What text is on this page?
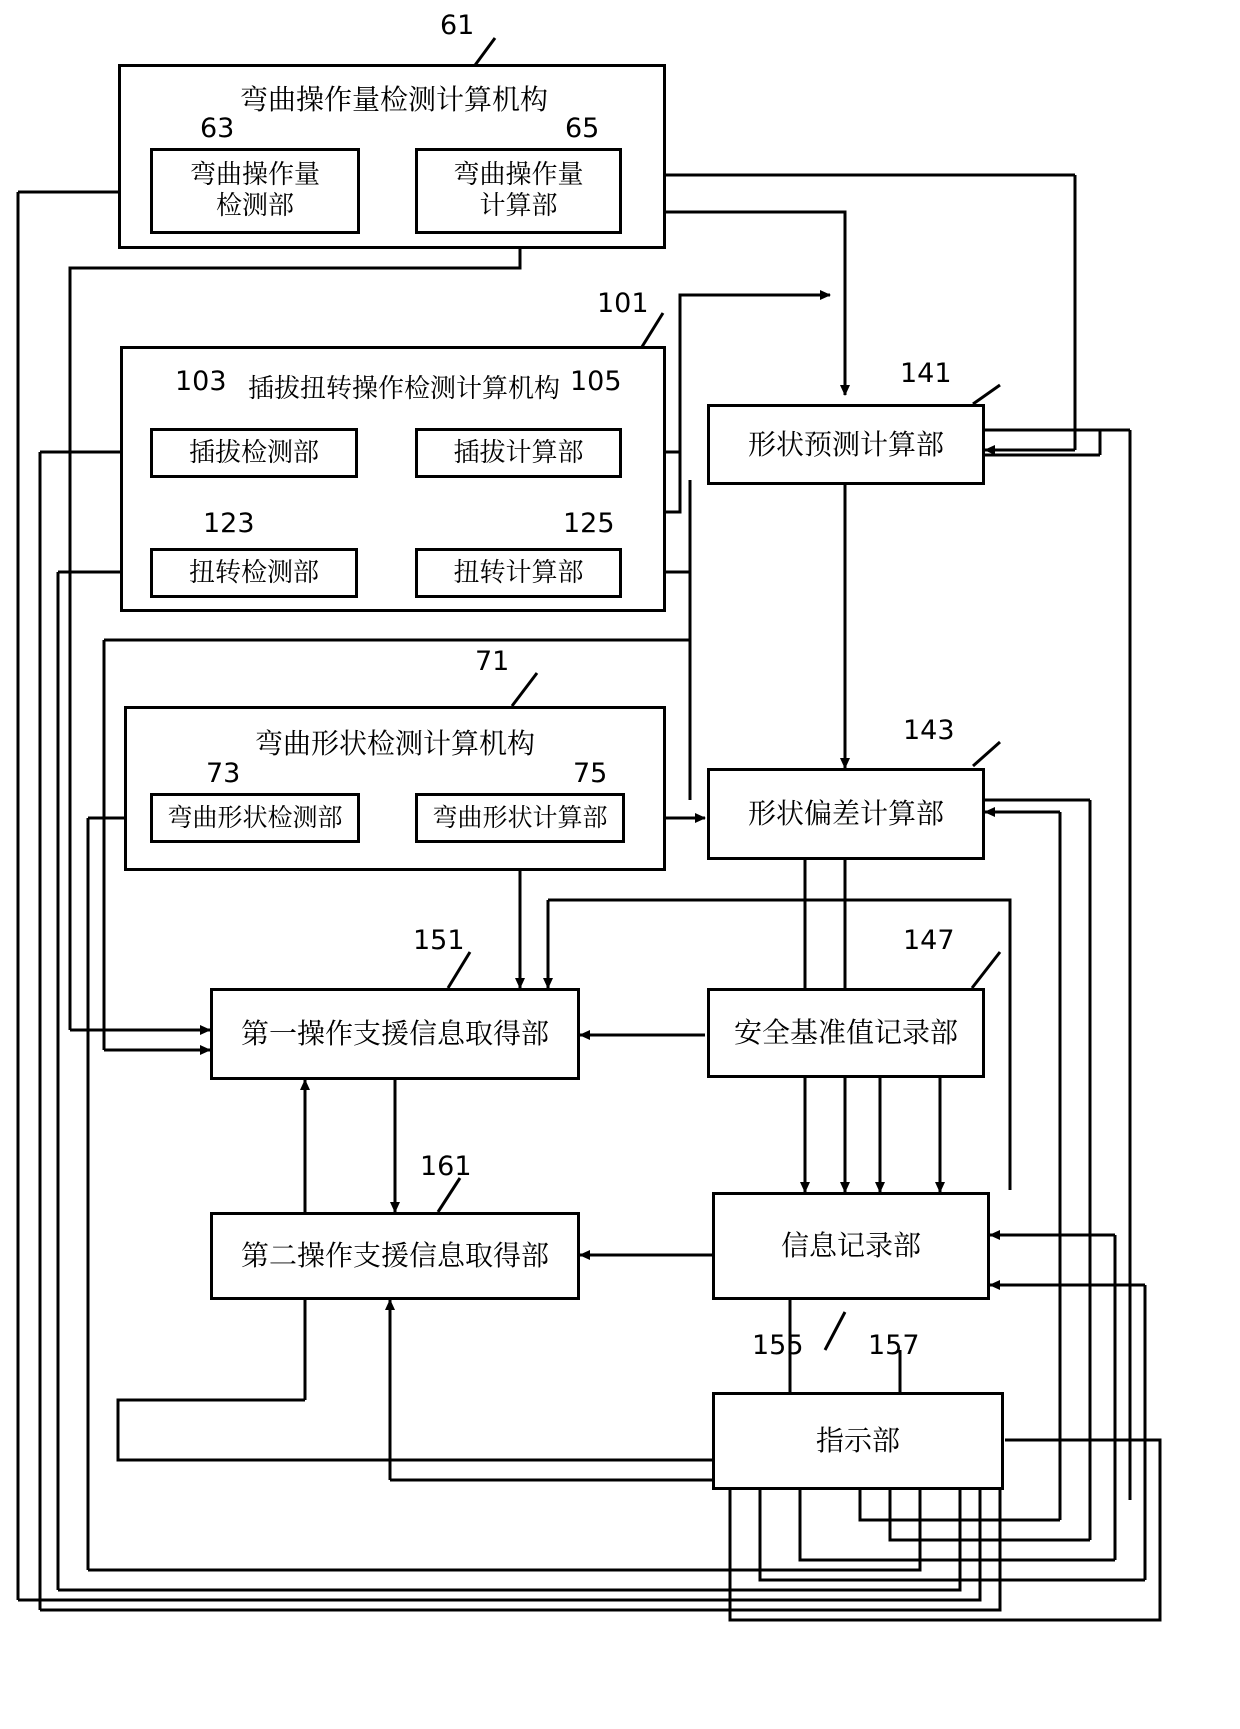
弯曲操作量检测计算机构
61
弯曲操作量
检测部
63
弯曲操作量
计算部
65
插拔扭转操作检测计算机构
101
插拔检测部
103
插拔计算部
105
扭转检测部
123
扭转计算部
125
形状预测计算部
141
弯曲形状检测计算机构
71
弯曲形状检测部
73
弯曲形状计算部
75
形状偏差计算部
143
第一操作支援信息取得部
151
安全基准值记录部
147
第二操作支援信息取得部
161
信息记录部
155
指示部
157
